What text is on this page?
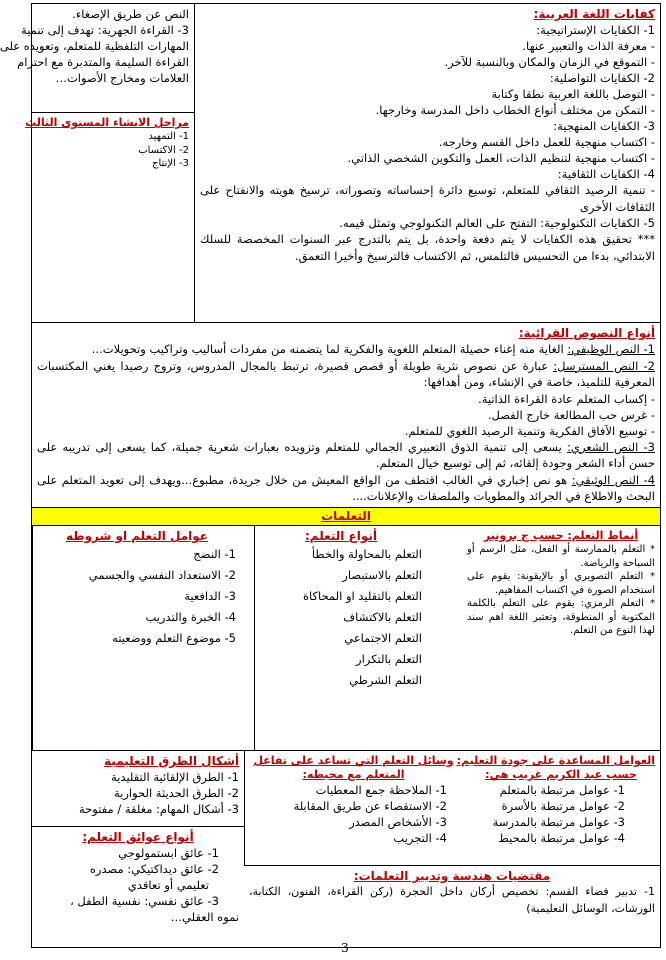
النص عن طريق الإصغاء.
3- القراءة الجهرية: تهدف إلى تنمية
المهارات التلفظية للمتعلم، وتعويده على
القراءة السليمة والمتدبرة مع احترام
العلامات ومخارج الأصوات…
كفايات اللغة العربية:
1- الكفايات الإستراتيجية:
- معرفة الذات والتعبير عنها.
- التموقع في الزمان والمكان وبالنسبة للآخر.
2- الكفايات التواصلية:
- التوصل باللغة العربية نطقا وكتابة
- التمكن من مختلف أنواع الخطاب داخل المدرسة وخارجها.
3- الكفايات المنهجية:
- اكتساب منهجية للعمل داخل القسم وخارجه.
- اكتساب منهجية لتنظيم الذات، العمل والتكوين الشخصي الذاتي.
4- الكفايات الثقافية:
- تنمية الرصيد الثقافي للمتعلم، توسيع دائرة إحساساته وتصوراته، ترسيخ هويته والانفتاح على الثقافات الأخرى
5- الكفايات التكنولوجية: التفتح على العالم التكنولوجي وتمثل قيمه.
*** تحقيق هذه الكفايات لا يتم دفعة واحدة، بل يتم بالتدرج عبر السنوات المخصصة للسلك الابتدائي، بدءا من التحسيس فالتلمس، ثم الاكتساب فالترسيخ وأخيرا التعمق.
مراحل الانشاء المستوى الثالث
1- التمهيد
2- الاكتساب
3- الإنتاج
أنواع النصوص القرائية:
1- النص الوظيفي: الغاية منه إغناء حصيلة المتعلم اللغوية والفكرية لما يتضمنه من مفردات أساليب وتراكيب وتحويلات...
2- النص المسترسل: عبارة عن نصوص نثرية طويلة أو قصص قصيرة، ترتبط بالمجال المدروس، وتروج رصيدا يغني المكتسبات المعرفية للتلميذ، خاصة في الإنشاء، ومن أهدافها:
- إكساب المتعلم عادة القراءة الذاتية.
- غرس حب المطالعة خارج الفصل.
- توسيع الآفاق الفكرية وتنمية الرصيد اللغوي للمتعلم.
3- النص الشعري: يسعى إلى تنمية الذوق التعبيري الجمالي للمتعلم وتزويده بعبارات شعرية جميلة، كما يسعى إلى تدريبه على حسن أداء الشعر وجودة إلقائه، ثم إلى توسيع خيال المتعلم.
4- النص الوثيقي: هو نص إخباري في الغالب اقتطف من الواقع المعيش من خلال جريدة، مطبوع...ويهدف إلى تعويد المتعلم على البحث والاطلاع في الجرائد والمطويات والملصقات والإعلانات....
التعلمات
أنماط التعلم: حسب ج برونير
* التعلم بالممارسة أو الفعل، مثل الرسم أو السباحة والرياضة.
* التعلم التصويري أو بالإيقونة: يقوم على استخدام الصورة في اكتساب المفاهيم.
* التعلم الرمزي: يقوم على التعلم بالكلمة المكتوبة أو المنطوقة، وتعتبر اللغة اهم سند لهذا النوع من التعلم.
أنواع التعلم:
التعلم بالمحاولة والخطأ
التعلم بالاستبصار
التعلم بالتقليد او المحاكاة
التعلم بالاكتشاف
التعلم الاجتماعي
التعلم بالتكرار
التعلم الشرطي
عوامل التعلم او شروطه
1- النضج
2- الاستعداد النفسي والجسمي
3- الدافعية
4- الخبرة والتدريب
5- موضوع التعلم ووضعيته
العوامل المساعدة على جودة التعليم:
حسب عبد الكريم غريب هي:
1- عوامل مرتبطة بالمتعلم
2- عوامل مرتبطة بالأسرة
3- عوامل مرتبطة بالمدرسة
4- عوامل مرتبطة بالمحيط
وسائل التعلم التي تساعد على تفاعل
المتعلم مع محيطه:
1- الملاحظة جمع المعطيات
2- الاستقصاء عن طريق المقابلة
3- الأشخاص المصدر
4- التجريب
مقتضيات هندسة وتدبير التعلمات:
1- تدبير فضاء القسم: تخصيص أركان داخل الحجرة (ركن القراءة، الفنون، الكتابة، الورشات، الوسائل التعليمية)
أشكال الطرق التعليمية
1- الطرق الإلقائية التقليدية
2- الطرق الحديثة الحوارية
3- أشكال المهام: مغلقة / مفتوحة
أنواع عوائق التعلم:
1- عائق ابستمولوجي
2- عائق ديداكتيكي: مصدره
تعليمي أو تعاقدي
3- عائق نفسي: نفسية الطفل ،
نموه العقلي…
3
